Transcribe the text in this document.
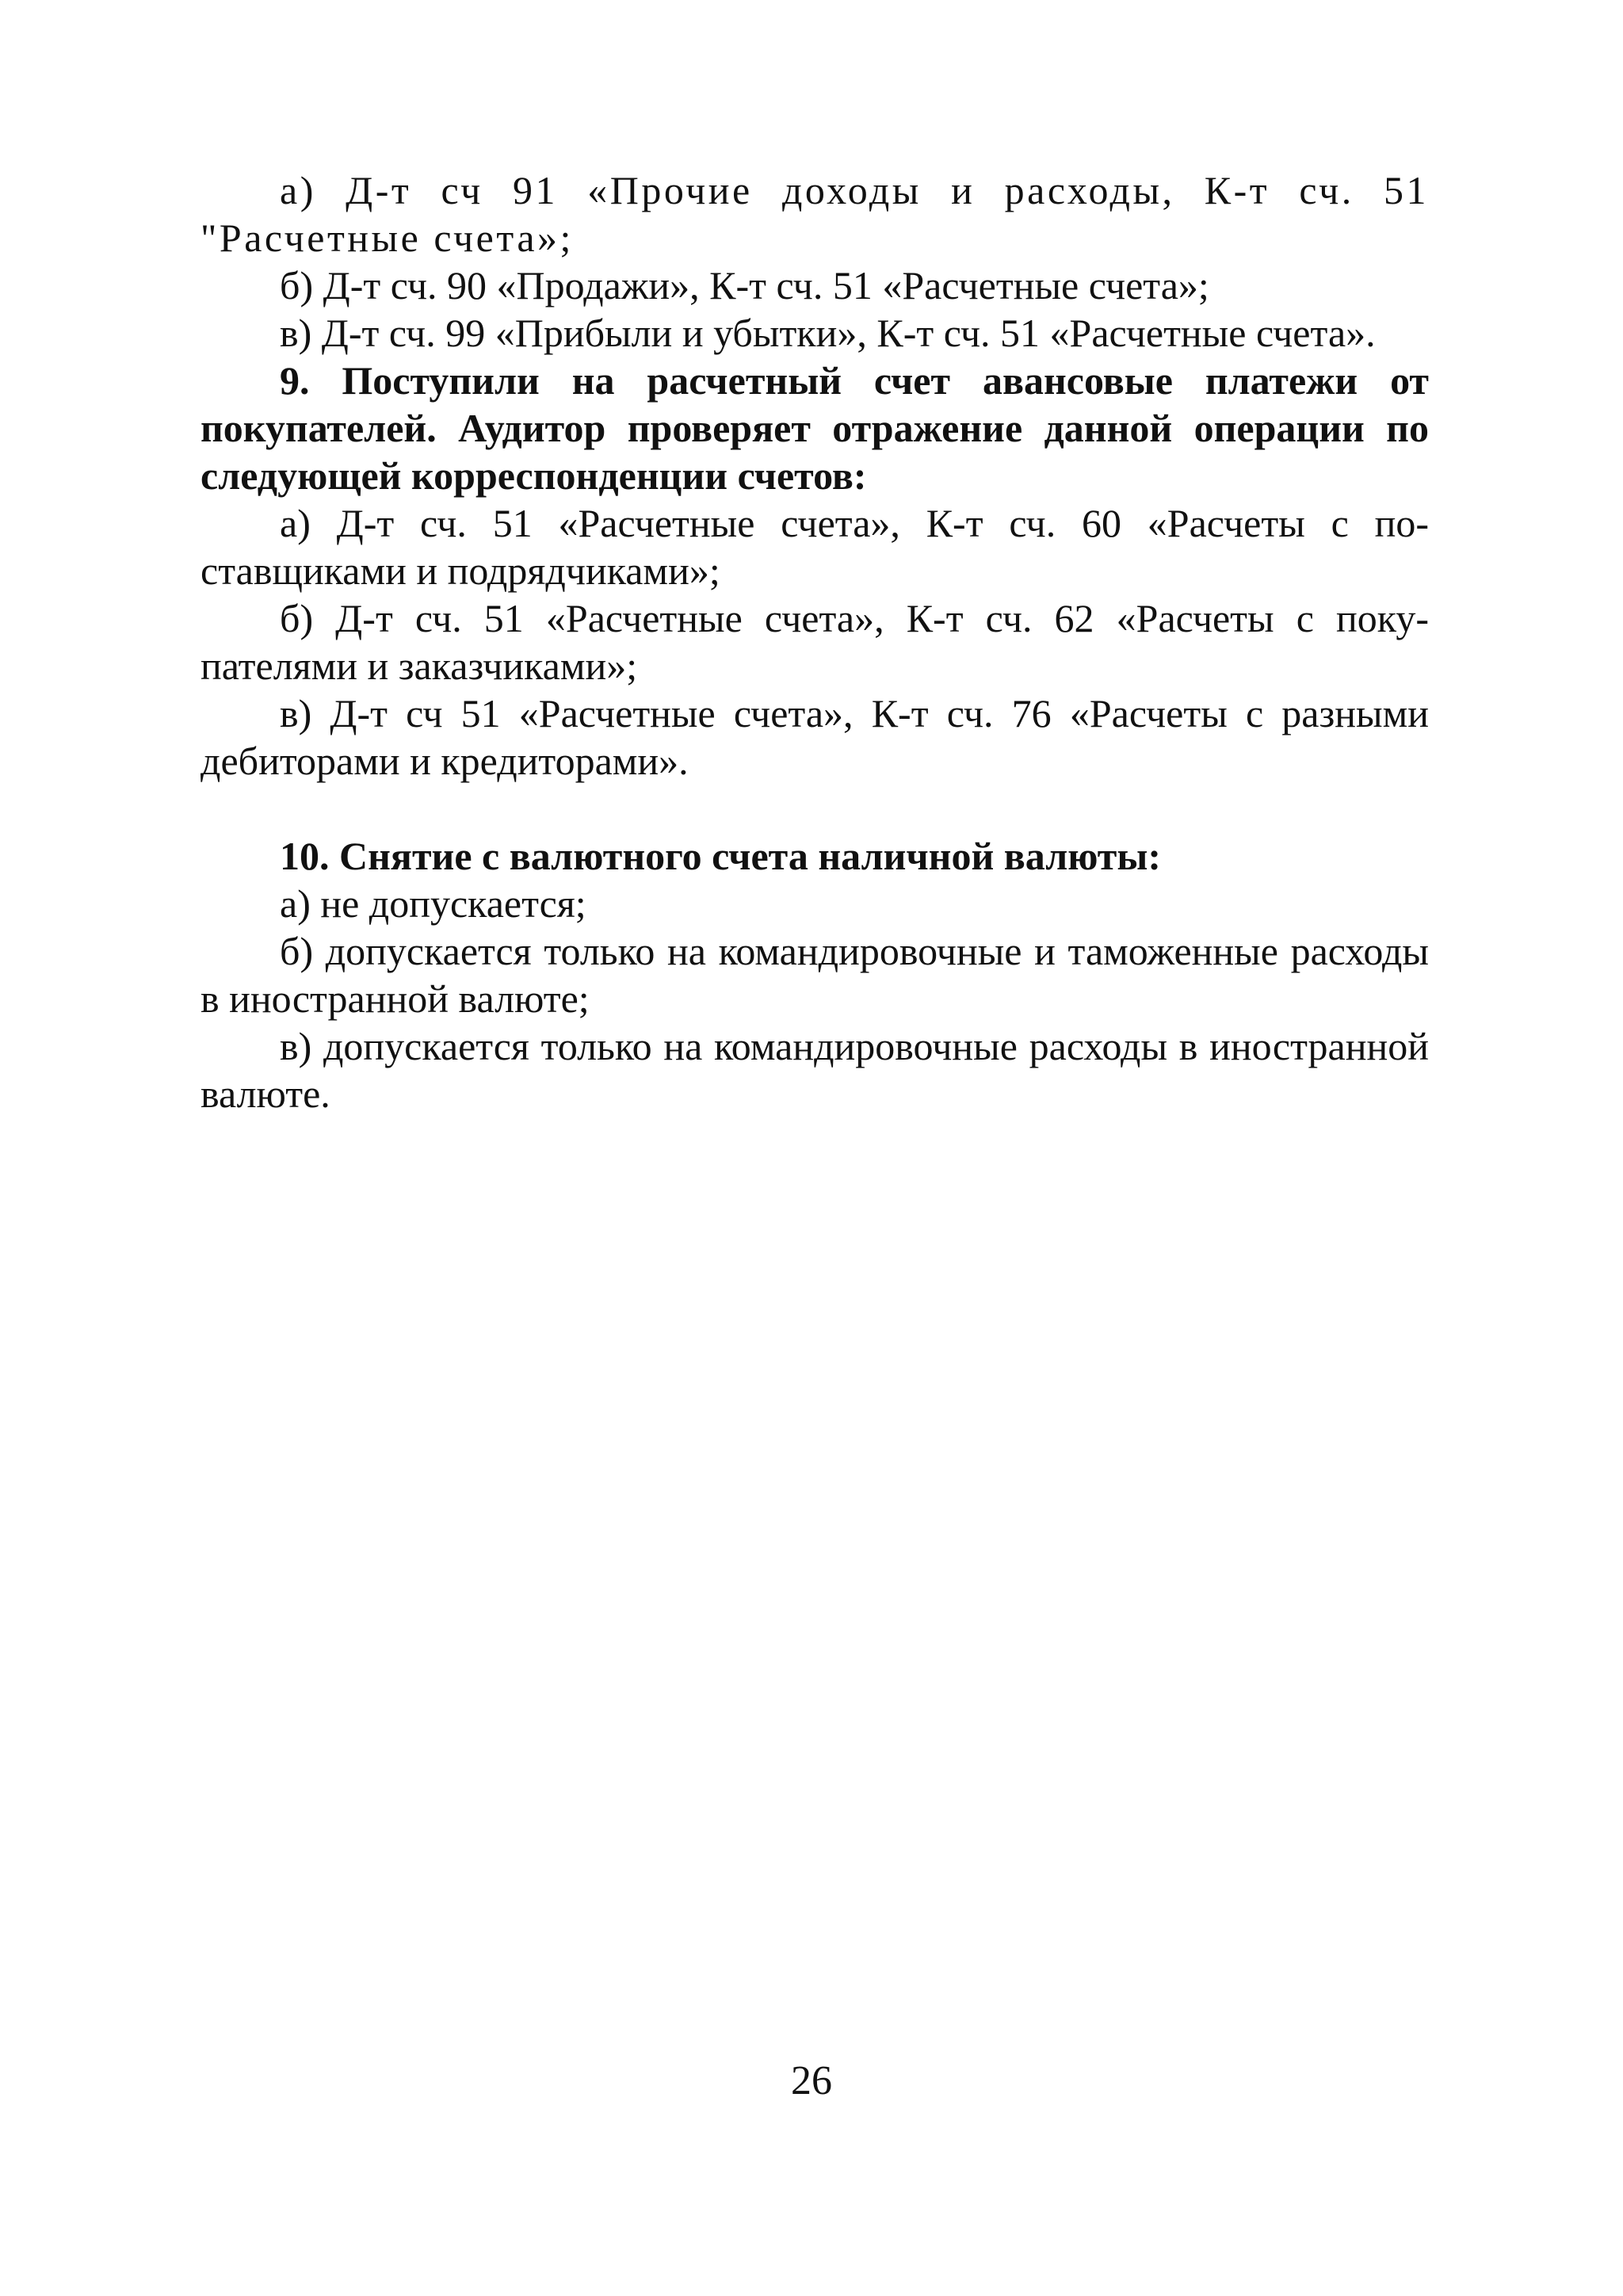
а) Д-т сч 91 «Прочие доходы и расходы, К-т сч. 51 "Расчетные счета»;

б) Д-т сч. 90 «Продажи», К-т сч. 51 «Расчетные счета»;

в) Д-т сч. 99 «Прибыли и убытки», К-т сч. 51 «Расчетные счета».

9. Поступили на расчетный счет авансовые платежи от покупателей. Аудитор проверяет отражение данной операции по следующей корреспонденции счетов:

а) Д-т сч. 51 «Расчетные счета», К-т сч. 60 «Расчеты с поставщиками и подрядчиками»;

б) Д-т сч. 51 «Расчетные счета», К-т сч. 62 «Расчеты с покупателями и заказчиками»;

в) Д-т сч 51 «Расчетные счета», К-т сч. 76 «Расчеты с разными дебиторами и кредиторами».

10. Снятие с валютного счета наличной валюты:

а) не допускается;

б) допускается только на командировочные и таможенные расходы в иностранной валюте;

в) допускается только на командировочные расходы в иностранной валюте.

26
